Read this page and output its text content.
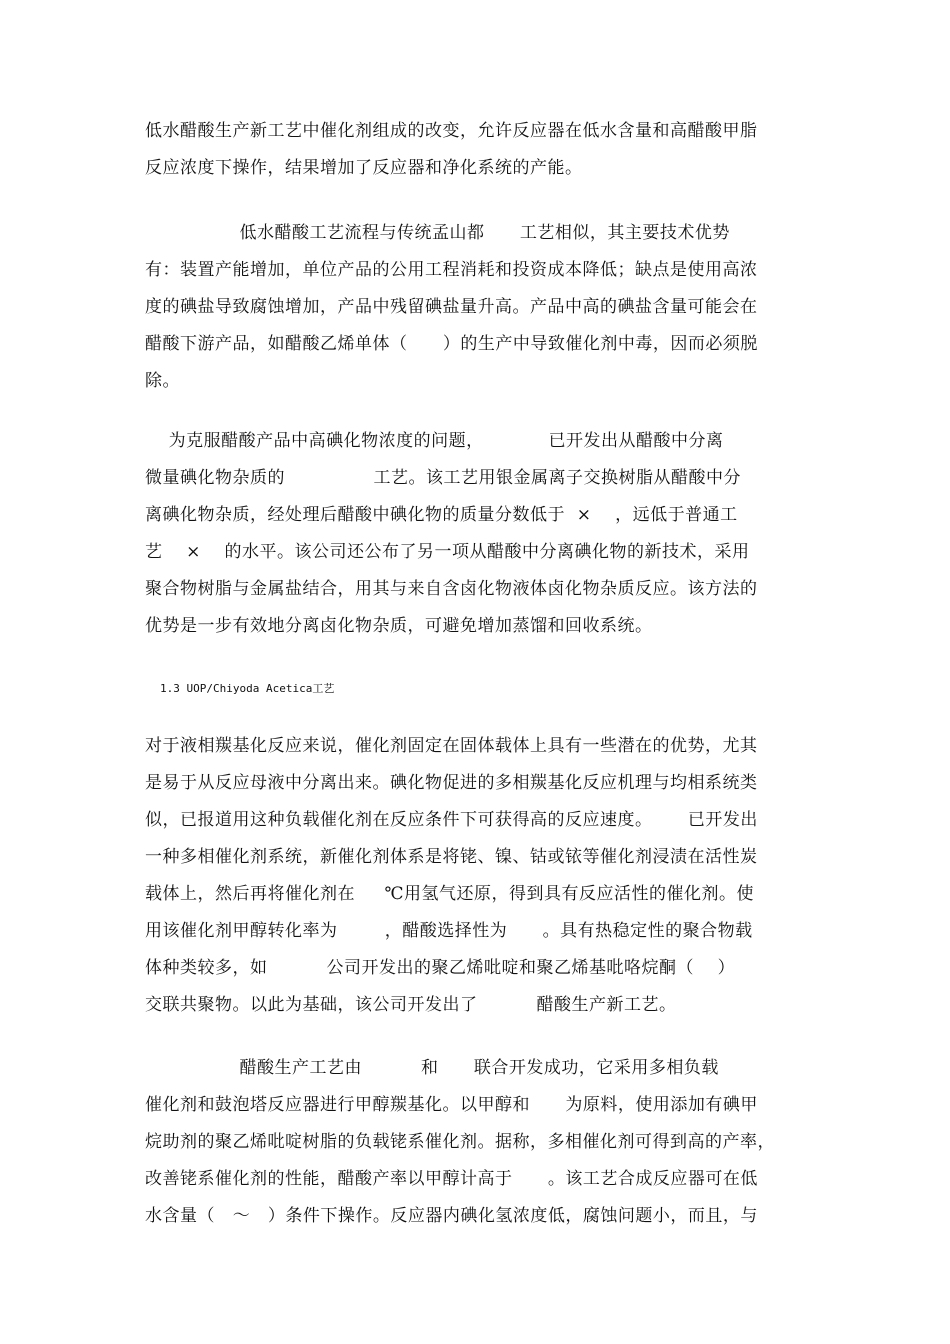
低水醋酸生产新工艺中催化剂组成的改变，允许反应器在低水含量和高醋酸甲脂
反应浓度下操作，结果增加了反应器和净化系统的产能。
低水醋酸工艺流程与传统孟山都      工艺相似，其主要技术优势
有：装置产能增加，单位产品的公用工程消耗和投资成本降低；缺点是使用高浓
度的碘盐导致腐蚀增加，产品中残留碘盐量升高。产品中高的碘盐含量可能会在
醋酸下游产品，如醋酸乙烯单体（      ）的生产中导致催化剂中毒，因而必须脱
除。
为克服醋酸产品中高碘化物浓度的问题，           已开发出从醋酸中分离
微量碘化物杂质的               工艺。该工艺用银金属离子交换树脂从醋酸中分
离碘化物杂质，经处理后醋酸中碘化物的质量分数低于  ×    ，远低于普通工
艺    ×    的水平。该公司还公布了另一项从醋酸中分离碘化物的新技术，采用
聚合物树脂与金属盐结合，用其与来自含卤化物液体卤化物杂质反应。该方法的
优势是一步有效地分离卤化物杂质，可避免增加蒸馏和回收系统。
1.3 UOP/Chiyoda Acetica工艺
对于液相羰基化反应来说，催化剂固定在固体载体上具有一些潜在的优势，尤其
是易于从反应母液中分离出来。碘化物促进的多相羰基化反应机理与均相系统类
似，已报道用这种负载催化剂在反应条件下可获得高的反应速度。      已开发出
一种多相催化剂系统，新催化剂体系是将铑、镍、钴或铱等催化剂浸渍在活性炭
载体上，然后再将催化剂在     ℃用氢气还原，得到具有反应活性的催化剂。使
用该催化剂甲醇转化率为        ，醋酸选择性为      。具有热稳定性的聚合物载
体种类较多，如          公司开发出的聚乙烯吡啶和聚乙烯基吡咯烷酮（    ）
交联共聚物。以此为基础，该公司开发出了          醋酸生产新工艺。
醋酸生产工艺由          和      联合开发成功，它采用多相负载
催化剂和鼓泡塔反应器进行甲醇羰基化。以甲醇和      为原料，使用添加有碘甲
烷助剂的聚乙烯吡啶树脂的负载铑系催化剂。据称，多相催化剂可得到高的产率，
改善铑系催化剂的性能，醋酸产率以甲醇计高于      。该工艺合成反应器可在低
水含量（   ～   ）条件下操作。反应器内碘化氢浓度低，腐蚀问题小，而且，与
